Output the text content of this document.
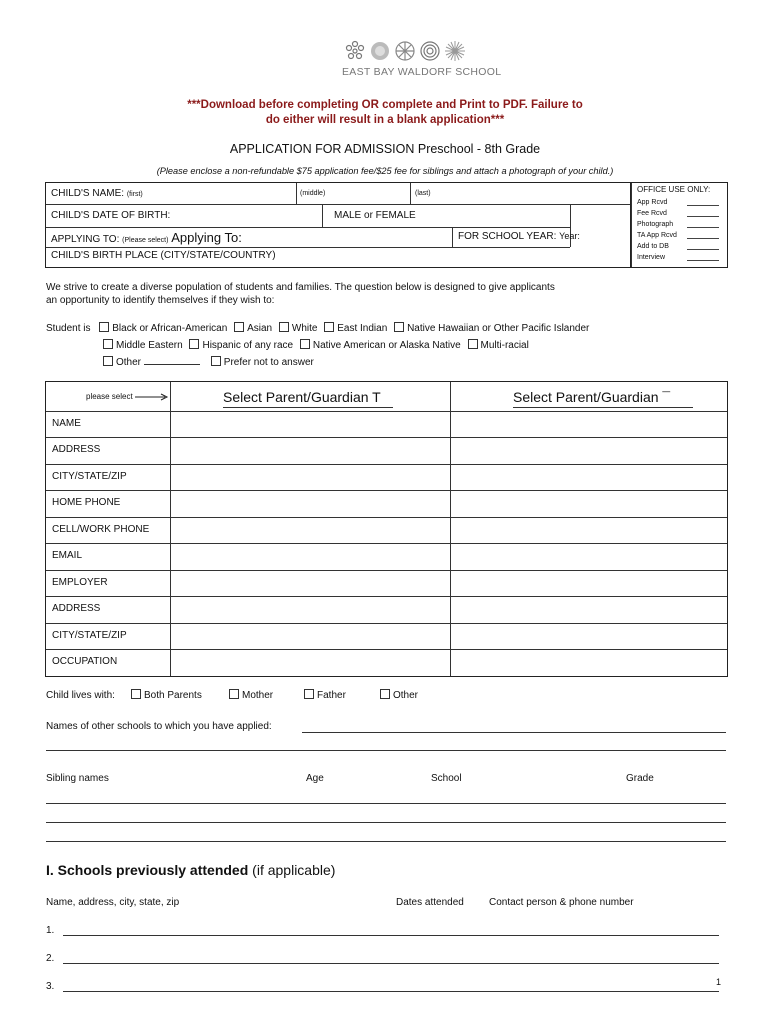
EAST BAY WALDORF SCHOOL
***Download before completing OR complete and Print to PDF. Failure to
do either will result in a blank application***
APPLICATION FOR ADMISSION Preschool - 8th Grade
(Please enclose a non-refundable $75 application fee/$25 fee for siblings and attach a photograph of your child.)
CHILD'S NAME: (first)	(middle)	(last)
CHILD'S DATE OF BIRTH:	MALE or FEMALE
APPLYING TO: (Please select) Applying To:	FOR SCHOOL YEAR: Year:
CHILD'S BIRTH PLACE (CITY/STATE/COUNTRY)
OFFICE USE ONLY:
App Rcvd
Fee Rcvd
Photograph
TA App Rcvd
Add to DB
Interview
We strive to create a diverse population of students and families. The question below is designed to give applicants
an opportunity to identify themselves if they wish to:
Student is Black or African-American Asian White East Indian Native Hawaiian or Other Pacific Islander
Middle Eastern Hispanic of any race Native American or Alaska Native Multi-racial
Other	Prefer not to answer
please select	Select Parent/Guardian T	Select Parent/Guardian ¯
NAME
ADDRESS
CITY/STATE/ZIP
HOME PHONE
CELL/WORK PHONE
EMAIL
EMPLOYER
ADDRESS
CITY/STATE/ZIP
OCCUPATION
Child lives with:	Both Parents	Mother	Father	Other
Names of other schools to which you have applied:
Sibling names	Age	School	Grade
I. Schools previously attended (if applicable)
Name, address, city, state, zip	Dates attended	Contact person & phone number
1.
2.
3.	1
